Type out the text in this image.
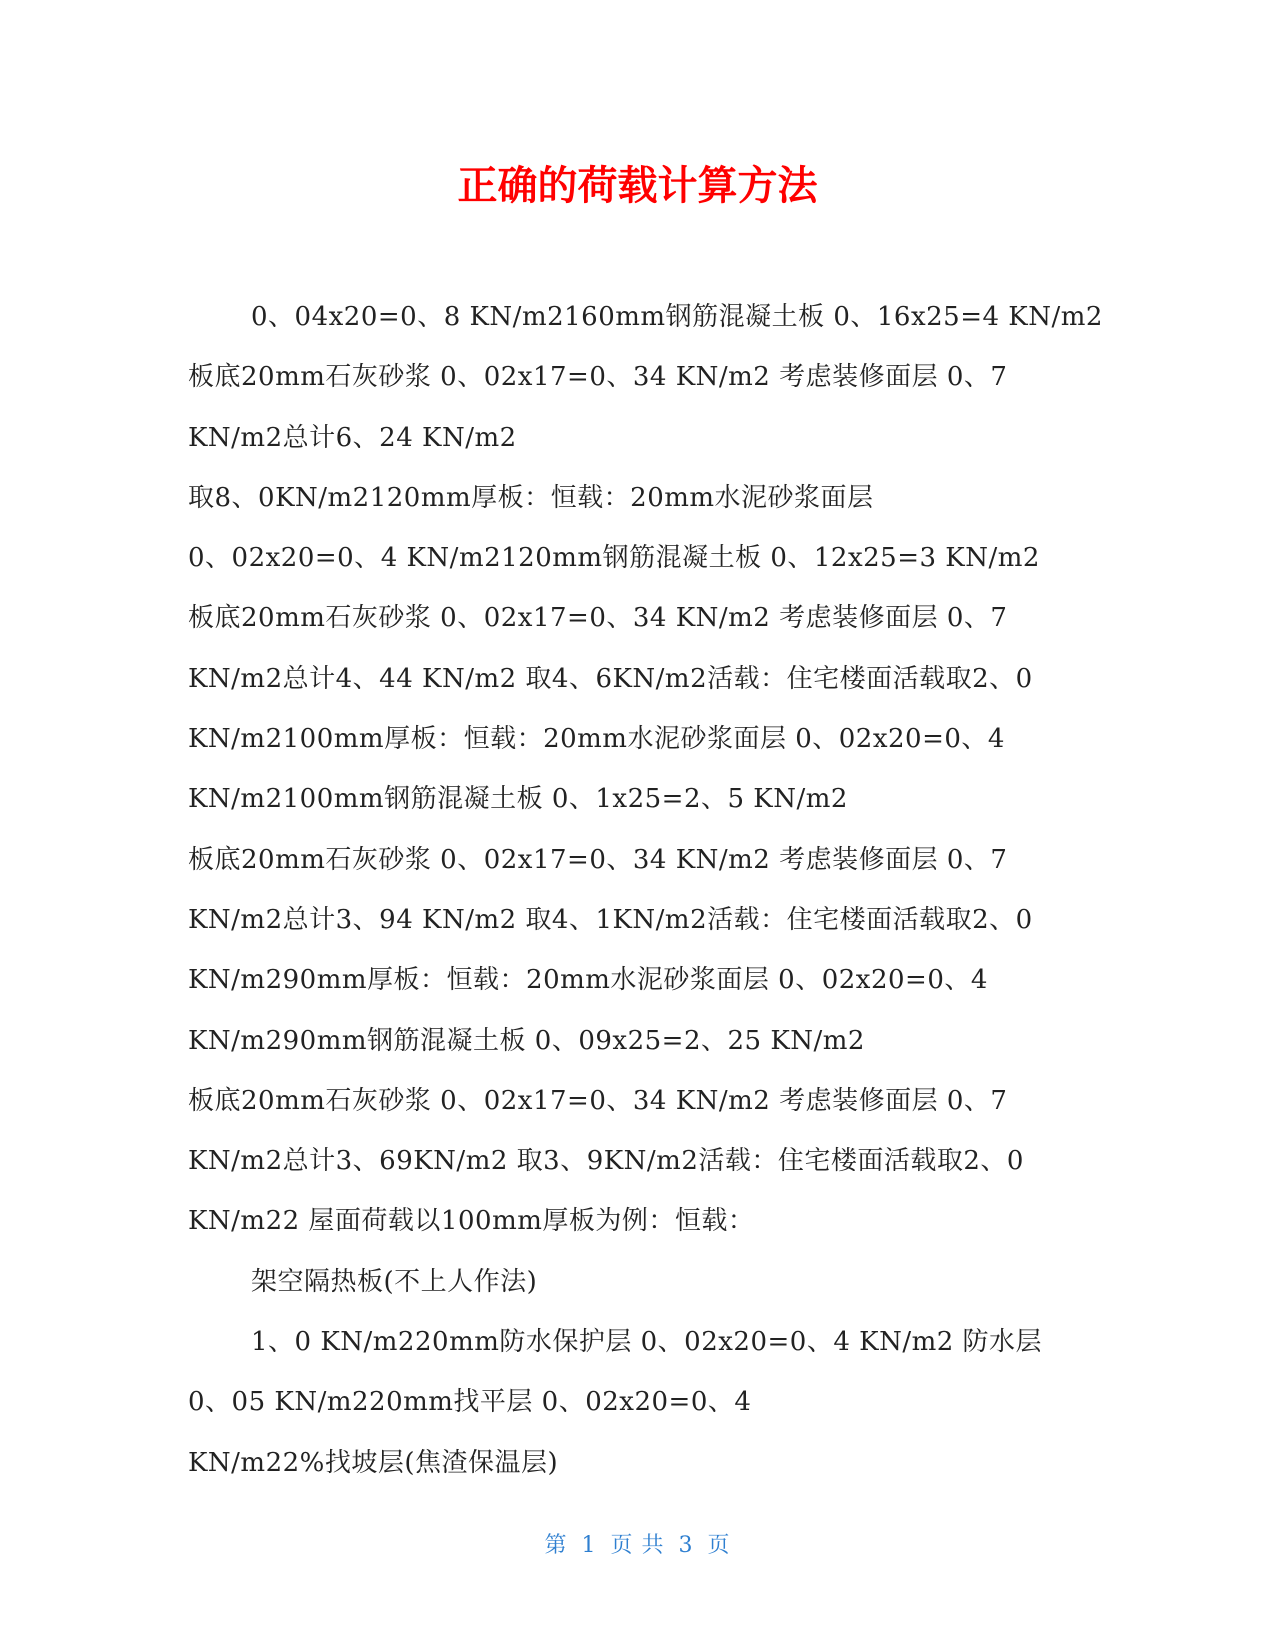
正确的荷载计算方法
0、04x20=0、8 KN/m2160mm钢筋混凝土板 0、16x25=4 KN/m2
板底20mm石灰砂浆 0、02x17=0、34 KN/m2 考虑装修面层 0、7
KN/m2总计6、24 KN/m2
取8、0KN/m2120mm厚板：恒载：20mm水泥砂浆面层
0、02x20=0、4 KN/m2120mm钢筋混凝土板 0、12x25=3 KN/m2
板底20mm石灰砂浆 0、02x17=0、34 KN/m2 考虑装修面层 0、7
KN/m2总计4、44 KN/m2 取4、6KN/m2活载：住宅楼面活载取2、0
KN/m2100mm厚板：恒载：20mm水泥砂浆面层 0、02x20=0、4
KN/m2100mm钢筋混凝土板 0、1x25=2、5 KN/m2
板底20mm石灰砂浆 0、02x17=0、34 KN/m2 考虑装修面层 0、7
KN/m2总计3、94 KN/m2 取4、1KN/m2活载：住宅楼面活载取2、0
KN/m290mm厚板：恒载：20mm水泥砂浆面层 0、02x20=0、4
KN/m290mm钢筋混凝土板 0、09x25=2、25 KN/m2
板底20mm石灰砂浆 0、02x17=0、34 KN/m2 考虑装修面层 0、7
KN/m2总计3、69KN/m2 取3、9KN/m2活载：住宅楼面活载取2、0
KN/m22 屋面荷载以100mm厚板为例：恒载：
架空隔热板(不上人作法)
1、0 KN/m220mm防水保护层 0、02x20=0、4 KN/m2 防水层
0、05 KN/m220mm找平层 0、02x20=0、4
KN/m22%找坡层(焦渣保温层)
第 1 页 共 3 页
